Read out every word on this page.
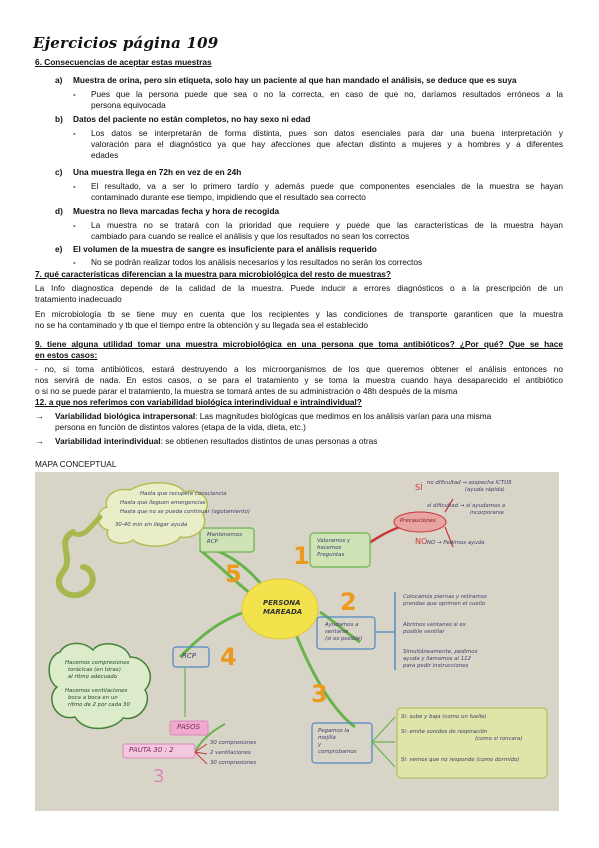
Ejercicios página 109
6. Consecuencias de aceptar estas muestras
a) Muestra de orina, pero sin etiqueta, solo hay un paciente al que han mandado el análisis, se deduce que es suya
- Pues que la persona puede que sea o no la correcta, en caso de que no, daríamos resultados erróneos a la
persona equivocada
b) Datos del paciente no están completos, no hay sexo ni edad
- Los datos se interpretarán de forma distinta, pues son datos esenciales para dar una buena interpretación y
valoración para el diagnóstico ya que hay afecciones que afectan distinto a mujeres y a hombres y a diferentes
edades
c) Una muestra llega en 72h en vez de en 24h
- El resultado, va a ser lo primero tardío y además puede que componentes esenciales de la muestra se hayan
contaminado durante ese tiempo, impidiendo que el resultado sea correcto
d) Muestra no lleva marcadas fecha y hora de recogida
- La muestra no se tratará con la prioridad que requiere y puede que las características de la muestra hayan
cambiado para cuando se realice el análisis y que los resultados no sean los correctos
e) El volumen de la muestra de sangre es insuficiente para el análisis requerido
- No se podrán realizar todos los análisis necesarios y los resultados no serán los correctos
7. qué características diferencian a la muestra para microbiológica del resto de muestras?
La Info diagnostica depende de la calidad de la muestra. Puede inducir a errores diagnósticos o a la prescripción de un
tratamiento inadecuado
En microbiología tb se tiene muy en cuenta que los recipientes y las condiciones de transporte garanticen que la muestra
no se ha contaminado y tb que el tiempo entre la obtención y su llegada sea el establecido
9. tiene alguna utilidad tomar una muestra microbiológica en una persona que toma antibióticos? ¿Por qué? Que se hace
en estos casos:
- no, si toma antibióticos, estará destruyendo a los microorganismos de los que queremos obtener el análisis entonces no
nos servirá de nada. En estos casos, o se para el tratamiento y se toma la muestra cuando haya desaparecido el antibiótico
o si no se puede parar el tratamiento, la muestra se tomará antes de su administración o 48h después de la misma
12. a que nos referimos con variabilidad biológica interindividual e intraindividual?
→ Variabilidad biológica intrapersonal: Las magnitudes biológicas que medimos en los análisis varían para una misma
persona en función de distintos valores (etapa de la vida, dieta, etc.)
→ Variabilidad interindividual: se obtienen resultados distintos de unas personas a otras
MAPA CONCEPTUAL
3
1
2
3
4
5
SÍ
NO
PERSONA
MAREADA
Valoramos y
hacemos
Preguntas
Precauciones
no dificultad → sospecha ICTUS
(ayuda rápida)
sí dificultad → sí ayudamos a
incorporarse
NO → Pedimos ayuda
Ayudamos a
sentarse
(si es posible)
Colocamos piernas y retiramos
prendas que oprimen el cuello
Abrimos ventanas si es
posible ventilar
Simultáneamente, pedimos
ayuda y llamamos al 112
para pedir instrucciones
Pegamos la
mejilla
y
comprobamos
Si: sube y baja (como un fuelle)
Si: emite sonidos de respiración
(como si roncara)
Si: vemos que no responde (como dormido)
RCP
Hacemos compresiones
torácicas (en tórax)
al ritmo adecuado
Hacemos ventilaciones
boca a boca en un
ritmo de 2 por cada 30
PASOS
PAUTA 30 : 2
30 compresiones
2 ventilaciones
30 compresiones
Mantenemos
RCP
Hasta que recupere consciencia
Hasta que lleguen emergencias
Hasta que no se pueda continuar (agotamiento)
30-40 min sin llegar ayuda
